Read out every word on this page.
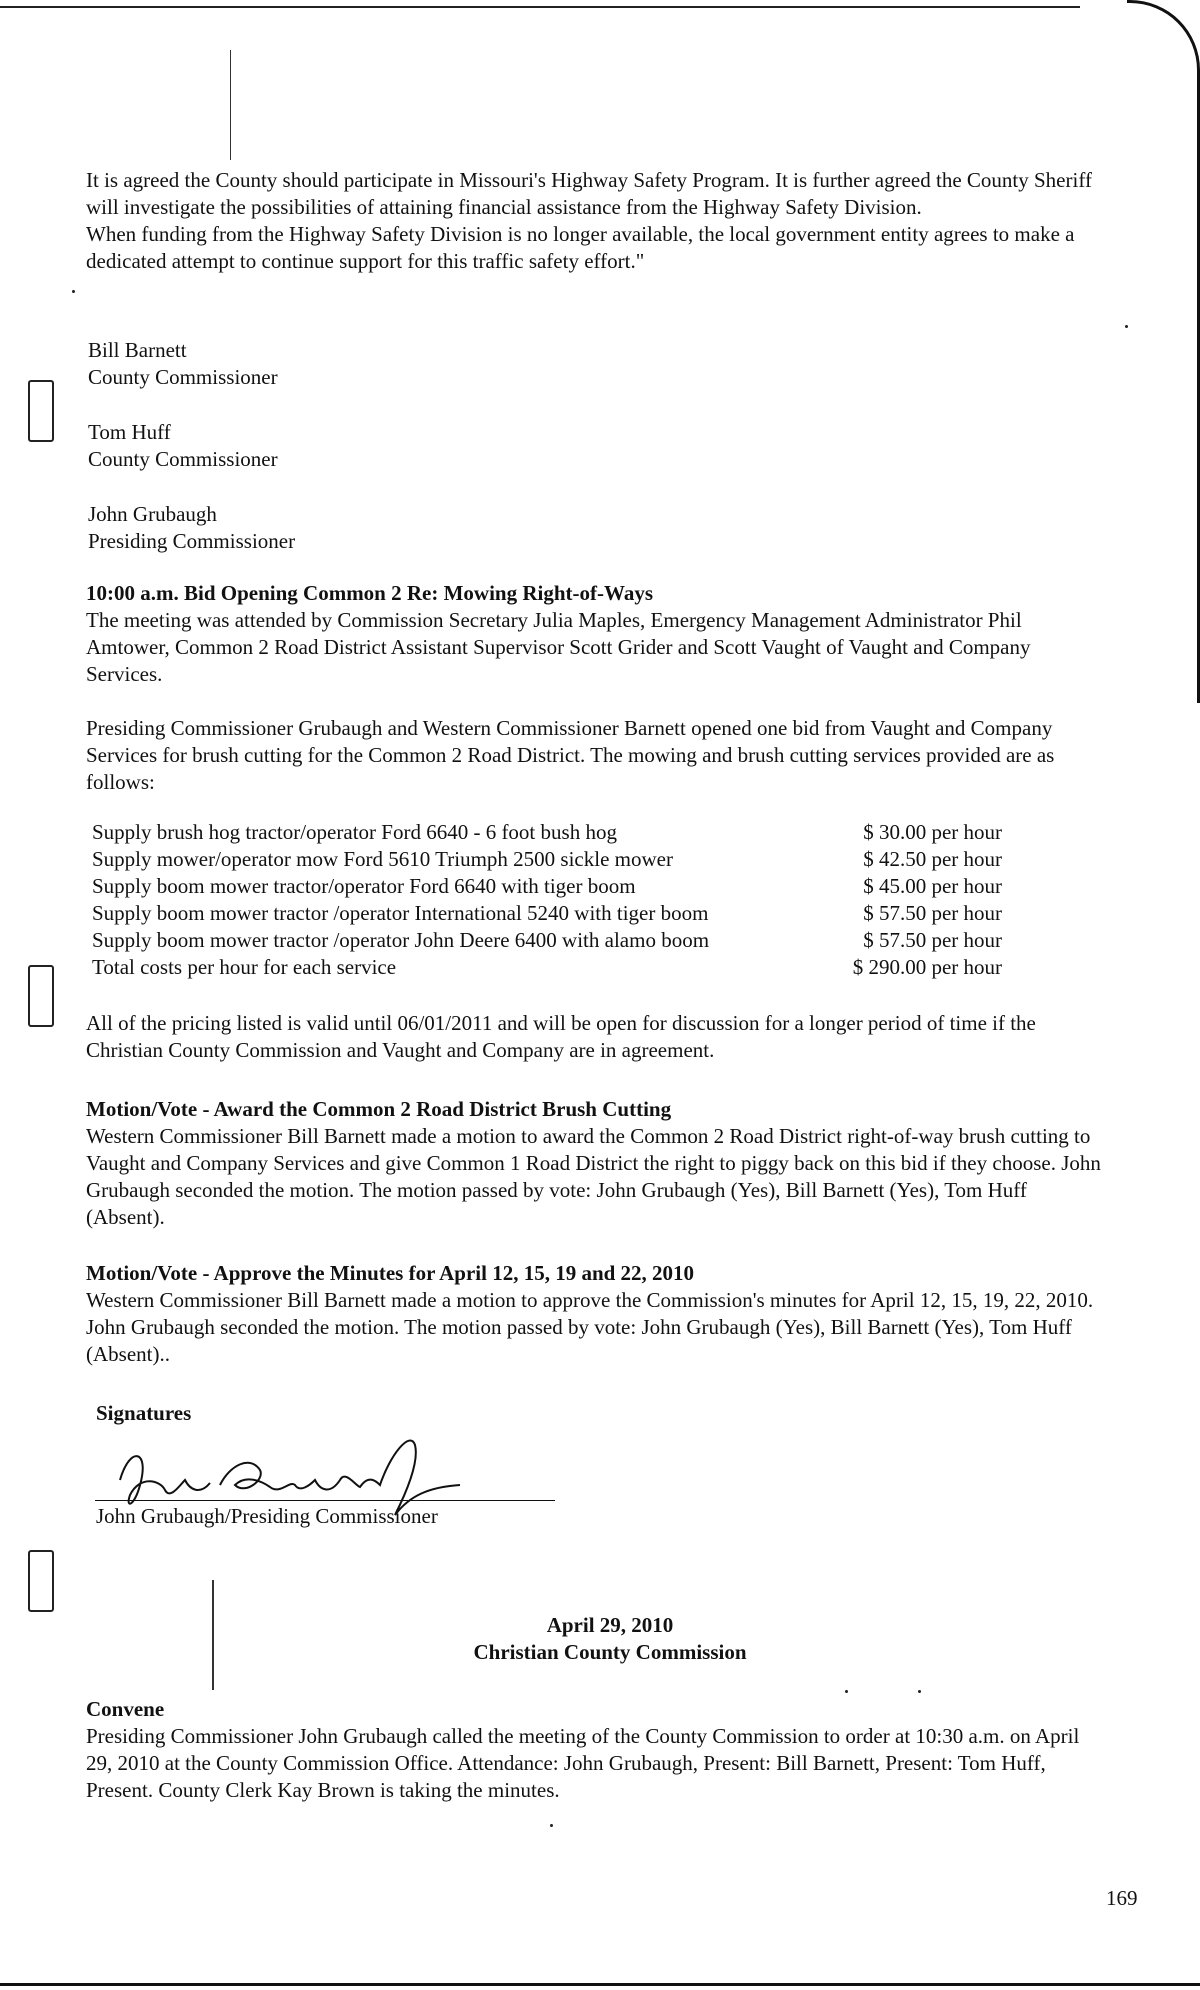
It is agreed the County should participate in Missouri's Highway Safety Program. It is further agreed the County Sheriff will investigate the possibilities of attaining financial assistance from the Highway Safety Division.

When funding from the Highway Safety Division is no longer available, the local government entity agrees to make a dedicated attempt to continue support for this traffic safety effort."

Bill Barnett
County Commissioner
Tom Huff
County Commissioner
John Grubaugh
Presiding Commissioner
10:00 a.m. Bid Opening Common 2 Re: Mowing Right-of-Ways

The meeting was attended by Commission Secretary Julia Maples, Emergency Management Administrator Phil Amtower, Common 2 Road District Assistant Supervisor Scott Grider and Scott Vaught of Vaught and Company Services.

Presiding Commissioner Grubaugh and Western Commissioner Barnett opened one bid from Vaught and Company Services for brush cutting for the Common 2 Road District. The mowing and brush cutting services provided are as follows:

Supply brush hog tractor/operator Ford 6640 - 6 foot bush hog	$ 30.00 per hour
Supply mower/operator mow Ford 5610 Triumph 2500 sickle mower	$ 42.50 per hour
Supply boom mower tractor/operator Ford 6640 with tiger boom	$ 45.00 per hour
Supply boom mower tractor /operator International 5240 with tiger boom	$ 57.50 per hour
Supply boom mower tractor /operator John Deere 6400 with alamo boom	$ 57.50 per hour
Total costs per hour for each service	$ 290.00 per hour

All of the pricing listed is valid until 06/01/2011 and will be open for discussion for a longer period of time if the Christian County Commission and Vaught and Company are in agreement.

Motion/Vote - Award the Common 2 Road District Brush Cutting

Western Commissioner Bill Barnett made a motion to award the Common 2 Road District right-of-way brush cutting to Vaught and Company Services and give Common 1 Road District the right to piggy back on this bid if they choose. John Grubaugh seconded the motion. The motion passed by vote: John Grubaugh (Yes), Bill Barnett (Yes), Tom Huff (Absent).

Motion/Vote - Approve the Minutes for April 12, 15, 19 and 22, 2010

Western Commissioner Bill Barnett made a motion to approve the Commission's minutes for April 12, 15, 19, 22, 2010. John Grubaugh seconded the motion. The motion passed by vote: John Grubaugh (Yes), Bill Barnett (Yes), Tom Huff (Absent)..

Signatures
John Grubaugh/Presiding Commissioner
April 29, 2010
Christian County Commission
Convene

Presiding Commissioner John Grubaugh called the meeting of the County Commission to order at 10:30 a.m. on April 29, 2010 at the County Commission Office. Attendance: John Grubaugh, Present: Bill Barnett, Present: Tom Huff, Present. County Clerk Kay Brown is taking the minutes.

169
